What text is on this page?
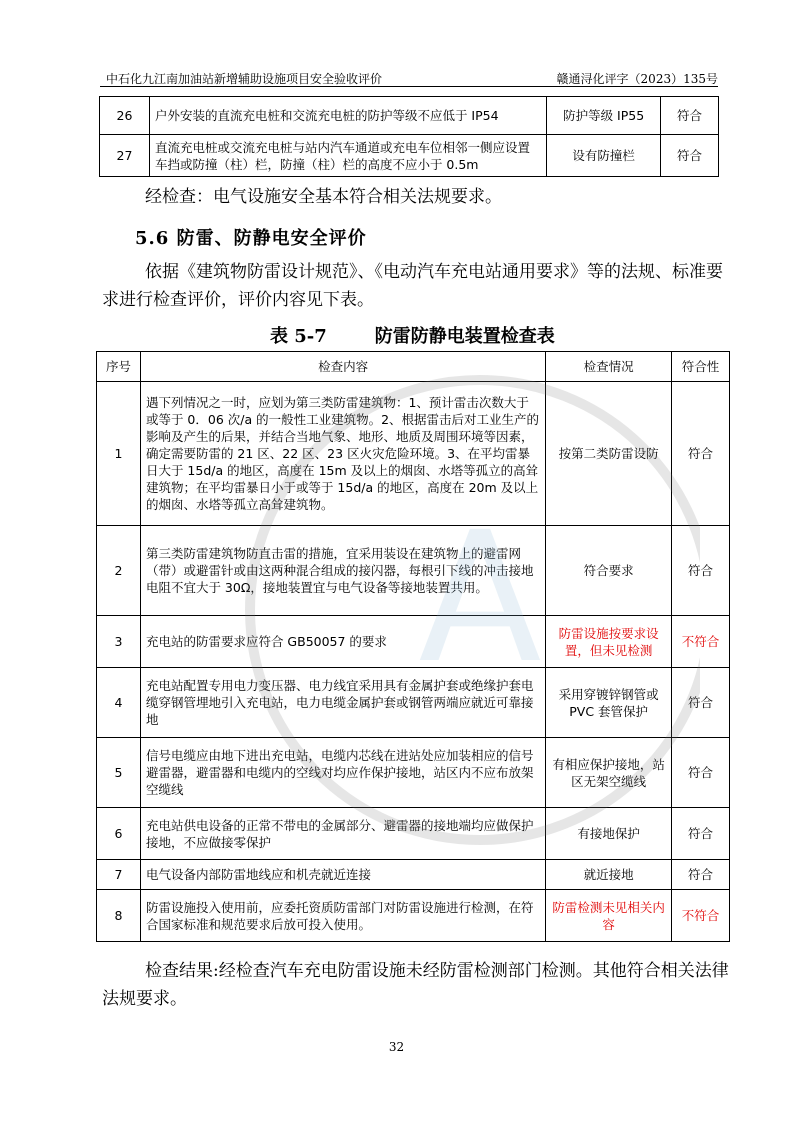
中石化九江南加油站新增辅助设施项目安全验收评价	赣通浔化评字（2023）135号
26	户外安装的直流充电桩和交流充电桩的防护等级不应低于 IP54	防护等级 IP55	符合
27	直流充电桩或交流充电桩与站内汽车通道或充电车位相邻一侧应设置车挡或防撞（柱）栏，防撞（柱）栏的高度不应小于 0.5m	设有防撞栏	符合
经检查：电气设施安全基本符合相关法规要求。
5.6 防雷、防静电安全评价
依据《建筑物防雷设计规范》、《电动汽车充电站通用要求》等的法规、标准要求进行检查评价，评价内容见下表。
表 5-7	防雷防静电装置检查表
序号	检查内容	检查情况	符合性
1	遇下列情况之一时，应划为第三类防雷建筑物：1、预计雷击次数大于或等于 0．06 次/a 的一般性工业建筑物。2、根据雷击后对工业生产的影响及产生的后果，并结合当地气象、地形、地质及周围环境等因素，确定需要防雷的 21 区、22 区、23 区火灾危险环境。3、在平均雷暴日大于 15d/a 的地区，高度在 15m 及以上的烟囱、水塔等孤立的高耸建筑物；在平均雷暴日小于或等于 15d/a 的地区，高度在 20m 及以上的烟囱、水塔等孤立高耸建筑物。	按第二类防雷设防	符合
2	第三类防雷建筑物防直击雷的措施，宜采用装设在建筑物上的避雷网（带）或避雷针或由这两种混合组成的接闪器，每根引下线的冲击接地电阻不宜大于 30Ω，接地装置宜与电气设备等接地装置共用。	符合要求	符合
3	充电站的防雷要求应符合 GB50057 的要求	防雷设施按要求设置，但未见检测	不符合
4	充电站配置专用电力变压器、电力线宜采用具有金属护套或绝缘护套电缆穿钢管埋地引入充电站，电力电缆金属护套或钢管两端应就近可靠接地	采用穿镀锌钢管或 PVC 套管保护	符合
5	信号电缆应由地下进出充电站，电缆内芯线在进站处应加装相应的信号避雷器，避雷器和电缆内的空线对均应作保护接地，站区内不应布放架空缆线	有相应保护接地，站区无架空缆线	符合
6	充电站供电设备的正常不带电的金属部分、避雷器的接地端均应做保护接地，不应做接零保护	有接地保护	符合
7	电气设备内部防雷地线应和机壳就近连接	就近接地	符合
8	防雷设施投入使用前，应委托资质防雷部门对防雷设施进行检测，在符合国家标准和规范要求后放可投入使用。	防雷检测未见相关内容	不符合
检查结果:经检查汽车充电防雷设施未经防雷检测部门检测。其他符合相关法律法规要求。
32
A
